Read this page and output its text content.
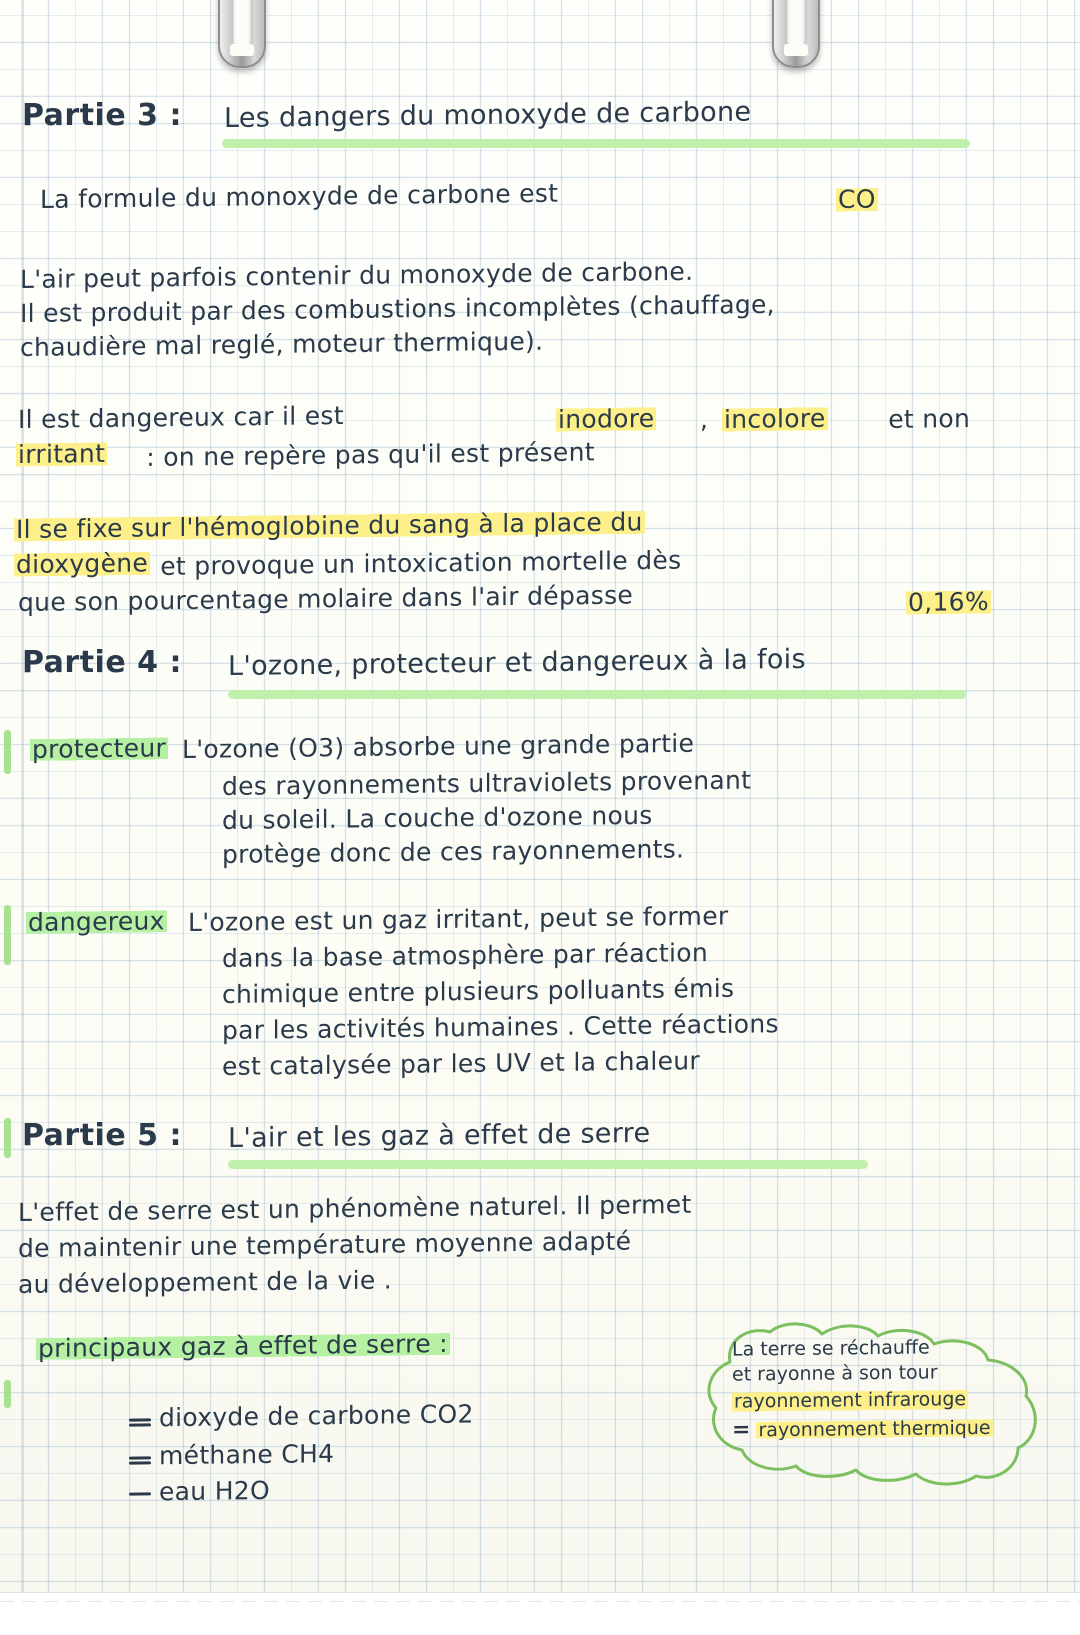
Partie 3 : Les dangers du monoxyde de carbone
La formule du monoxyde de carbone est	CO
L'air peut parfois contenir du monoxyde de carbone.
Il est produit par des combustions incomplètes (chauffage,
chaudière mal reglé, moteur thermique).
Il est dangereux car il est	inodore , incolore et non
irritant : on ne repère pas qu'il est présent
Il se fixe sur l'hémoglobine du sang à la place du
dioxygène et provoque un intoxication mortelle dès
que son pourcentage molaire dans l'air dépasse	0,16%
Partie 4 : L'ozone, protecteur et dangereux à la fois
protecteur L'ozone (O3) absorbe une grande partie
des rayonnements ultraviolets provenant
du soleil. La couche d'ozone nous
protège donc de ces rayonnements.
dangereux L'ozone est un gaz irritant, peut se former
dans la base atmosphère par réaction
chimique entre plusieurs polluants émis
par les activités humaines . Cette réactions
est catalysée par les UV et la chaleur
Partie 5 : L'air et les gaz à effet de serre
L'effet de serre est un phénomène naturel. Il permet
de maintenir une température moyenne adapté
au développement de la vie .
principaux gaz à effet de serre :

dioxyde de carbone CO2

méthane CH4

eau H2O

La terre se réchauffe
et rayonne à son tour
rayonnement infrarouge
= rayonnement thermique
